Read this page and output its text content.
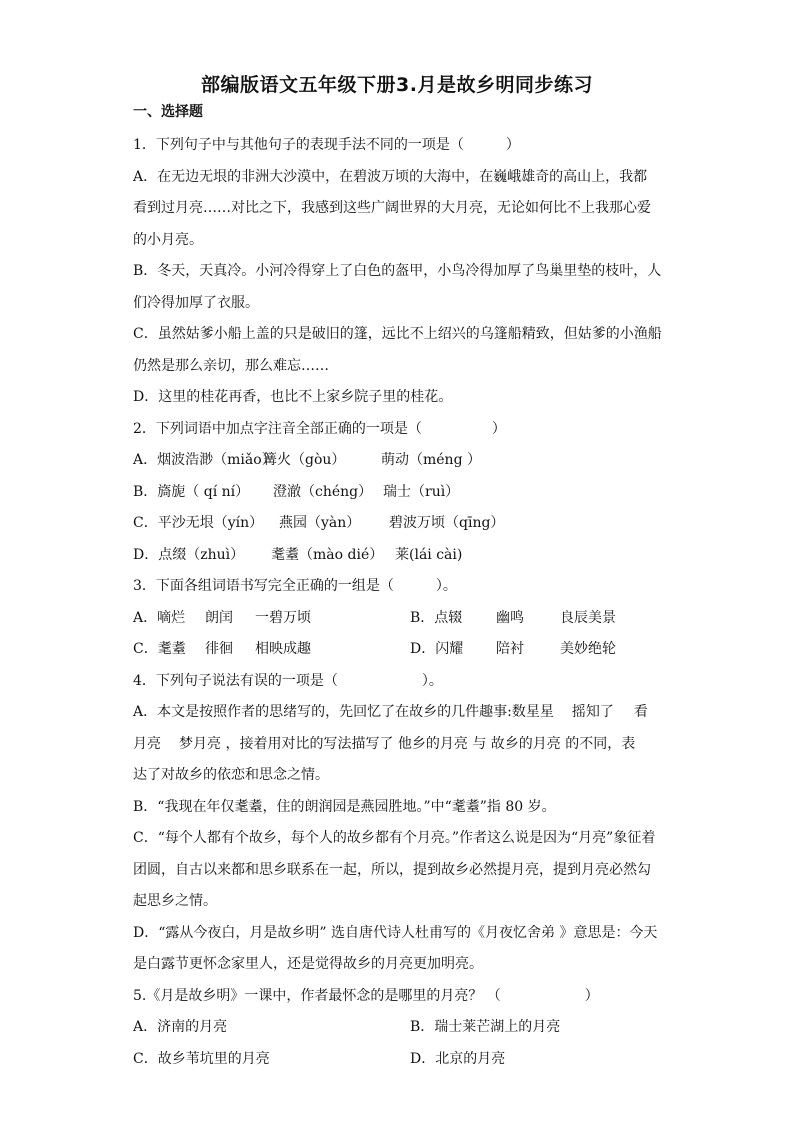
部编版语文五年级下册3.月是故乡明同步练习
一、选择题
1．下列句子中与其他句子的表现手法不同的一项是（　　　）
A．在无边无垠的非洲大沙漠中，在碧波万顷的大海中，在巍峨雄奇的高山上，我都
看到过月亮……对比之下，我感到这些广阔世界的大月亮，无论如何比不上我那心爱
的小月亮。
B．冬天，天真冷。小河冷得穿上了白色的盔甲，小鸟冷得加厚了鸟巢里垫的枝叶，人
们冷得加厚了衣服。
C．虽然姑爹小船上盖的只是破旧的篷，远比不上绍兴的乌篷船精致，但姑爹的小渔船
仍然是那么亲切，那么难忘……
D．这里的桂花再香，也比不上家乡院子里的桂花。
2．下列词语中加点字注音全部正确的一项是（　　　　　）
A．烟波浩渺（miǎo）篝火（gòu）	萌动（méng ）
B．旖旎（ qí ní） 澄澈（chéng） 瑞士（ruì）
C．平沙无垠（yín） 燕园（yàn） 碧波万顷（qīng）
D．点缀（zhuì） 耄耋（mào dié） 莱(lái cài)
3．下面各组词语书写完全正确的一组是（　　　）。
A．嘀烂 朗闰 一碧万顷	B．点辍 幽鸣	良辰美景
C．耄耋 徘徊 相映成趣	D．闪耀 陪衬	美妙绝轮
4．下列句子说法有误的一项是（　　　　　　）。
A．本文是按照作者的思绪写的，先回忆了在故乡的几件趣事:数星星 摇知了 看
月亮 梦月亮 ，接着用对比的写法描写了 他乡的月亮 与 故乡的月亮 的不同，表
达了对故乡的依恋和思念之情。
B．“我现在年仅耄耋，住的朗润园是燕园胜地。”中“耄耋”指 80 岁。
C．“每个人都有个故乡，每个人的故乡都有个月亮。”作者这么说是因为“月亮”象征着
团圆，自古以来都和思乡联系在一起，所以，提到故乡必然提月亮，提到月亮必然勾
起思乡之情。
D．“露从今夜白，月是故乡明” 选自唐代诗人杜甫写的《月夜忆舍弟 》意思是：今天
是白露节更怀念家里人，还是觉得故乡的月亮更加明亮。
5.《月是故乡明》一课中，作者最怀念的是哪里的月亮？ （　　　　　　）
A．济南的月亮	B．瑞士莱芒湖上的月亮
C．故乡苇坑里的月亮	D．北京的月亮
